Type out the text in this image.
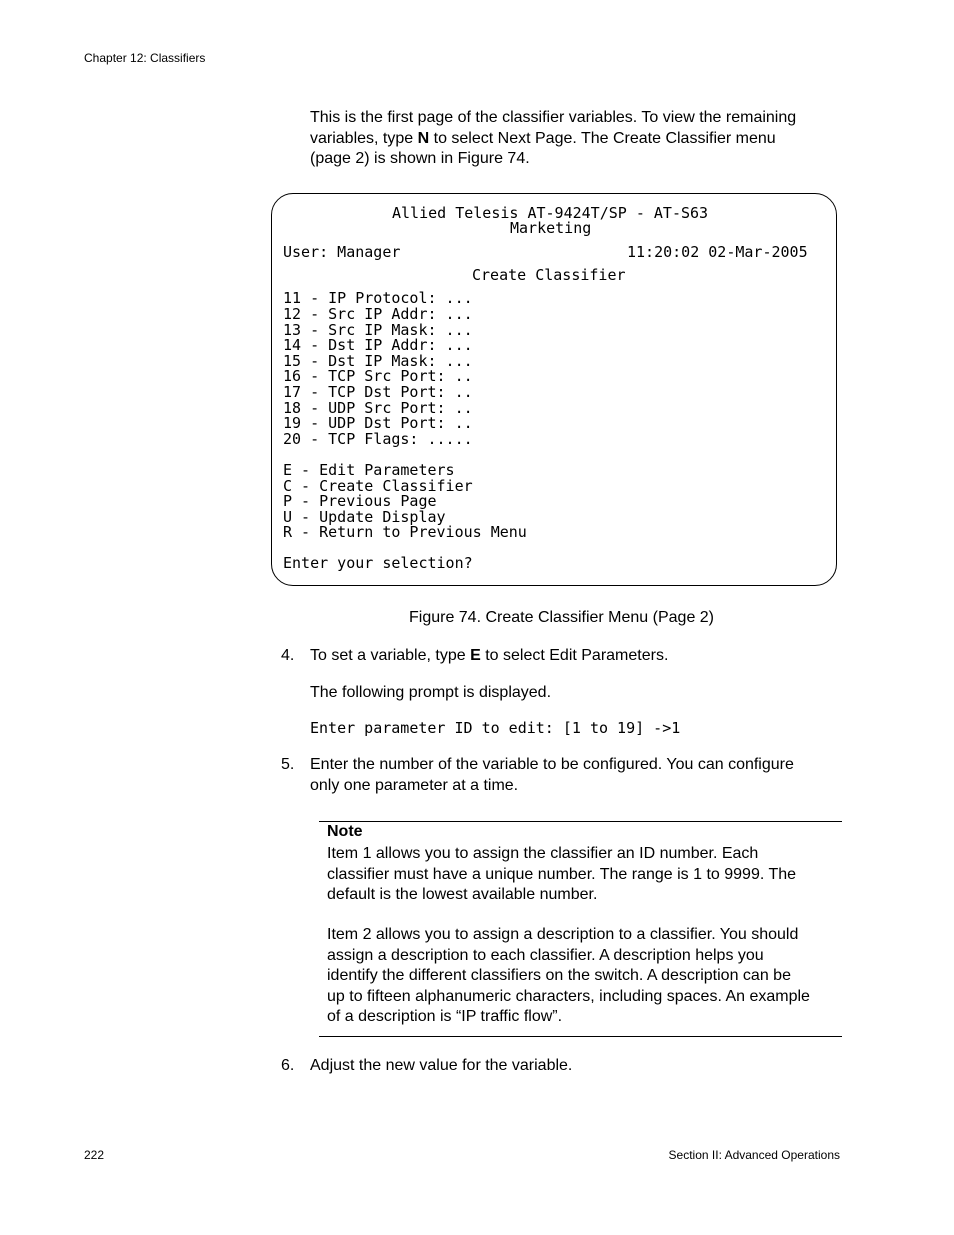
Chapter 12: Classifiers
This is the first page of the classifier variables. To view the remaining
variables, type N to select Next Page. The Create Classifier menu
(page 2) is shown in Figure 74.
Allied Telesis AT-9424T/SP - AT-S63
Marketing
User: Manager	11:20:02 02-Mar-2005
Create Classifier
11 - IP Protocol: ...
12 - Src IP Addr: ...
13 - Src IP Mask: ...
14 - Dst IP Addr: ...
15 - Dst IP Mask: ...
16 - TCP Src Port: ..
17 - TCP Dst Port: ..
18 - UDP Src Port: ..
19 - UDP Dst Port: ..
20 - TCP Flags: .....
E - Edit Parameters
C - Create Classifier
P - Previous Page
U - Update Display
R - Return to Previous Menu
Enter your selection?
Figure 74. Create Classifier Menu (Page 2)
4. To set a variable, type E to select Edit Parameters.
The following prompt is displayed.
Enter parameter ID to edit: [1 to 19] ->1
5. Enter the number of the variable to be configured. You can configure
only one parameter at a time.
Note
Item 1 allows you to assign the classifier an ID number. Each
classifier must have a unique number. The range is 1 to 9999. The
default is the lowest available number.
Item 2 allows you to assign a description to a classifier. You should
assign a description to each classifier. A description helps you
identify the different classifiers on the switch. A description can be
up to fifteen alphanumeric characters, including spaces. An example
of a description is “IP traffic flow”.
6. Adjust the new value for the variable.
222	Section II: Advanced Operations
